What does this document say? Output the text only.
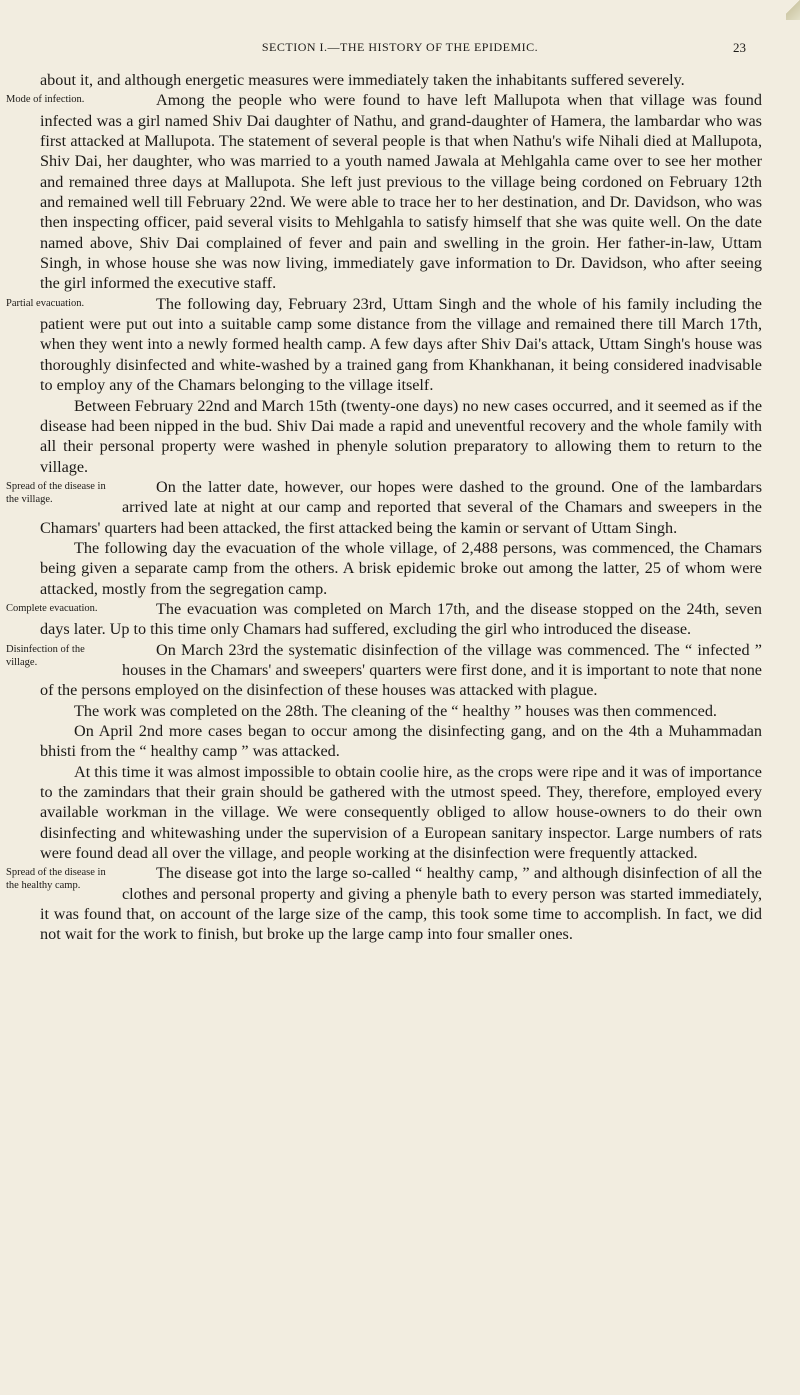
SECTION I.—THE HISTORY OF THE EPIDEMIC.	23

about it, and although energetic measures were immediately taken the inhabitants suffered severely.

Mode of infection.	Among the people who were found to have left Mallupota when that village was found infected was a girl named Shiv Dai daughter of Nathu, and grand-daughter of Hamera, the lambardar who was first attacked at Mallupota. The statement of several people is that when Nathu's wife Nihali died at Mallupota, Shiv Dai, her daughter, who was married to a youth named Jawala at Mehlgahla came over to see her mother and remained three days at Mallupota. She left just previous to the village being cordoned on February 12th and remained well till February 22nd. We were able to trace her to her destination, and Dr. Davidson, who was then inspecting officer, paid several visits to Mehlgahla to satisfy himself that she was quite well. On the date named above, Shiv Dai complained of fever and pain and swelling in the groin. Her father-in-law, Uttam Singh, in whose house she was now living, immediately gave information to Dr. Davidson, who after seeing the girl informed the executive staff.

Partial evacuation.	The following day, February 23rd, Uttam Singh and the whole of his family including the patient were put out into a suitable camp some distance from the village and remained there till March 17th, when they went into a newly formed health camp. A few days after Shiv Dai's attack, Uttam Singh's house was thoroughly disinfected and white-washed by a trained gang from Khankhanan, it being considered inadvisable to employ any of the Chamars belonging to the village itself.

Between February 22nd and March 15th (twenty-one days) no new cases occurred, and it seemed as if the disease had been nipped in the bud. Shiv Dai made a rapid and uneventful recovery and the whole family with all their personal property were washed in phenyle solution preparatory to allowing them to return to the village.

Spread of the disease in the village.
On the latter date, however, our hopes were dashed to the ground. One of the lambardars arrived late at night at our camp and reported that several of the Chamars and sweepers in the Chamars' quarters had been attacked, the first attacked being the kamin or servant of Uttam Singh.

The following day the evacuation of the whole village, of 2,488 persons, was commenced, the Chamars being given a separate camp from the others. A brisk epidemic broke out among the latter, 25 of whom were attacked, mostly from the segregation camp.

Complete evacuation.	The evacuation was completed on March 17th, and the disease stopped on the 24th, seven days later. Up to this time only Chamars had suffered, excluding the girl who introduced the disease.

Disinfection of the village.
On March 23rd the systematic disinfection of the village was commenced. The “ infected ” houses in the Chamars' and sweepers' quarters were first done, and it is important to note that none of the persons employed on the disinfection of these houses was attacked with plague.

The work was completed on the 28th. The cleaning of the “ healthy ” houses was then commenced.

On April 2nd more cases began to occur among the disinfecting gang, and on the 4th a Muhammadan bhisti from the “ healthy camp ” was attacked.

At this time it was almost impossible to obtain coolie hire, as the crops were ripe and it was of importance to the zamindars that their grain should be gathered with the utmost speed. They, therefore, employed every available workman in the village. We were consequently obliged to allow house-owners to do their own disinfecting and whitewashing under the supervision of a European sanitary inspector. Large numbers of rats were found dead all over the village, and people working at the disinfection were frequently attacked.

Spread of the disease in the healthy camp.
The disease got into the large so-called “ healthy camp, ” and although disinfection of all the clothes and personal property and giving a phenyle bath to every person was started immediately, it was found that, on account of the large size of the camp, this took some time to accomplish. In fact, we did not wait for the work to finish, but broke up the large camp into four smaller ones.
